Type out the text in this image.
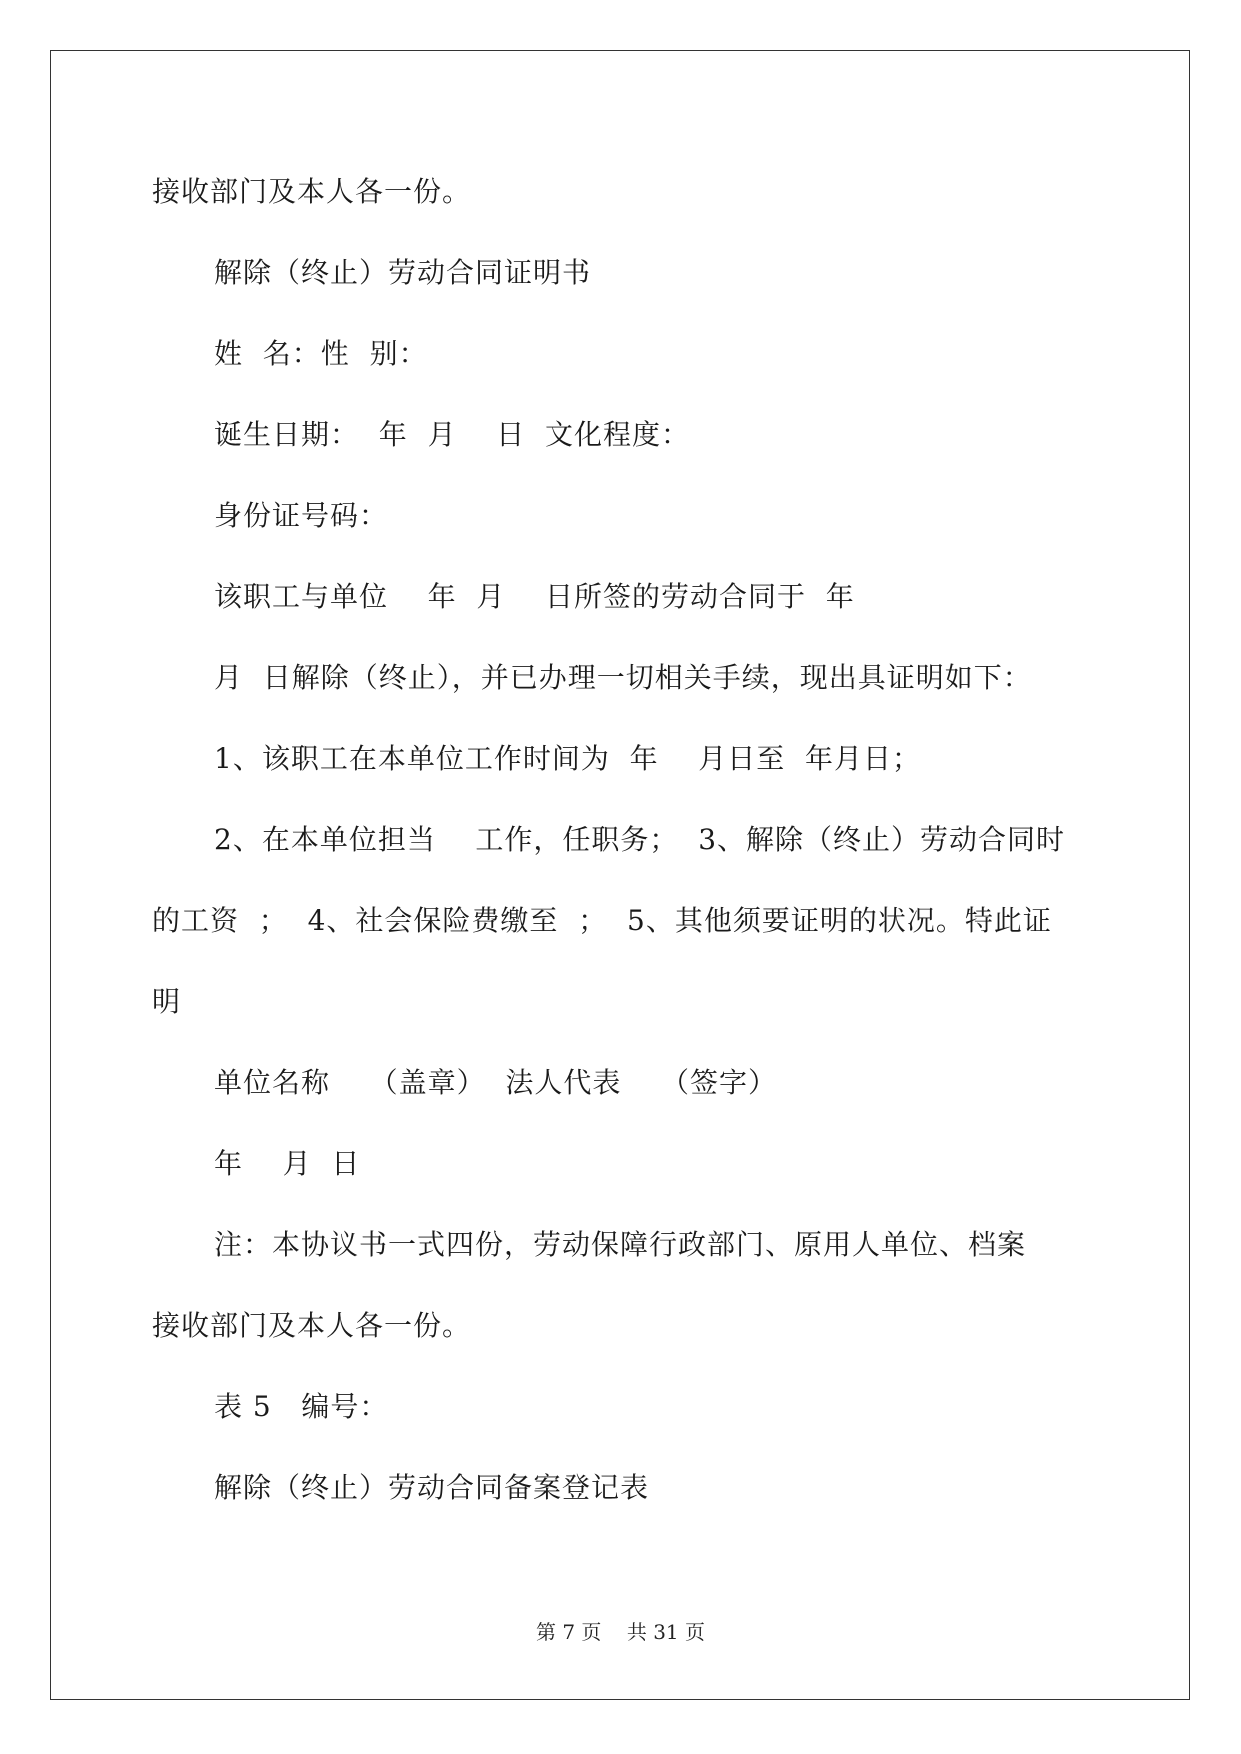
接收部门及本人各一份。
解除（终止）劳动合同证明书
姓  名：性  别：
诞生日期：  年  月    日  文化程度：
身份证号码：
该职工与单位    年  月    日所签的劳动合同于  年
月  日解除（终止），并已办理一切相关手续，现出具证明如下：
1、该职工在本单位工作时间为  年    月日至  年月日；
2、在本单位担当    工作，任职务；  3、解除（终止）劳动合同时
的工资  ；  4、社会保险费缴至  ；  5、其他须要证明的状况。特此证
明
单位名称    （盖章）  法人代表    （签字）
年    月  日
注：本协议书一式四份，劳动保障行政部门、原用人单位、档案
接收部门及本人各一份。
表 5   编号：
解除（终止）劳动合同备案登记表
第 7 页    共 31 页
